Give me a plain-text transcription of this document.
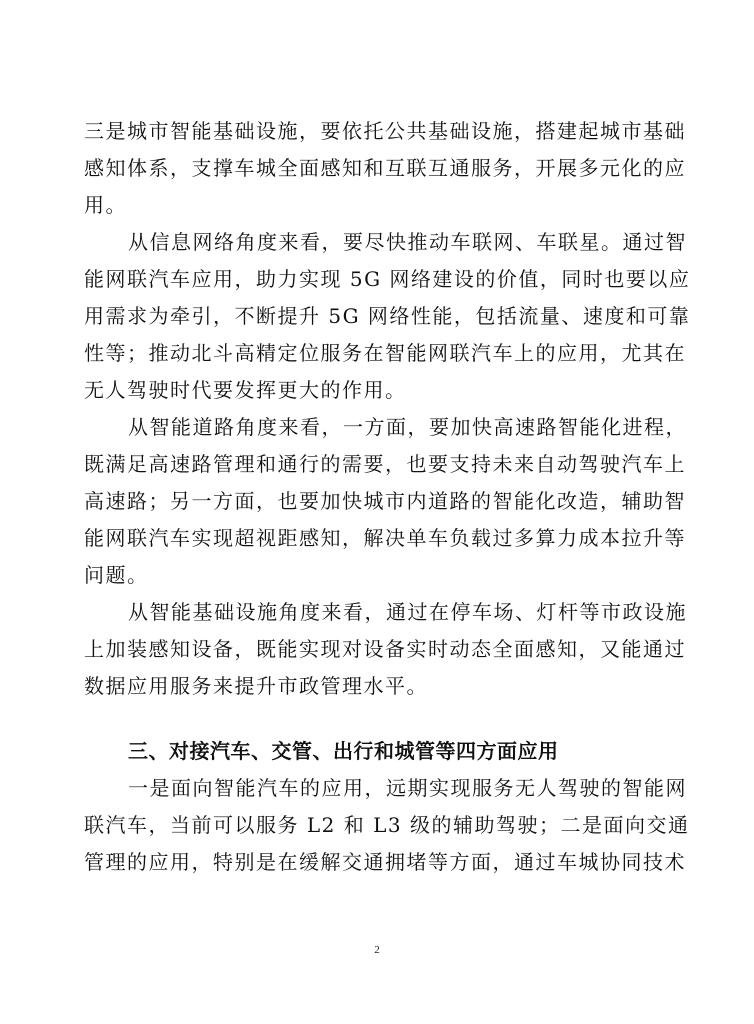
三是城市智能基础设施，要依托公共基础设施，搭建起城市基础
感知体系，支撑车城全面感知和互联互通服务，开展多元化的应
用。
从信息网络角度来看，要尽快推动车联网、车联星。通过智
能网联汽车应用，助力实现 5G 网络建设的价值，同时也要以应
用需求为牵引，不断提升 5G 网络性能，包括流量、速度和可靠
性等；推动北斗高精定位服务在智能网联汽车上的应用，尤其在
无人驾驶时代要发挥更大的作用。
从智能道路角度来看，一方面，要加快高速路智能化进程，
既满足高速路管理和通行的需要，也要支持未来自动驾驶汽车上
高速路；另一方面，也要加快城市内道路的智能化改造，辅助智
能网联汽车实现超视距感知，解决单车负载过多算力成本拉升等
问题。
从智能基础设施角度来看，通过在停车场、灯杆等市政设施
上加装感知设备，既能实现对设备实时动态全面感知，又能通过
数据应用服务来提升市政管理水平。
三、对接汽车、交管、出行和城管等四方面应用
一是面向智能汽车的应用，远期实现服务无人驾驶的智能网
联汽车，当前可以服务 L2 和 L3 级的辅助驾驶；二是面向交通
管理的应用，特别是在缓解交通拥堵等方面，通过车城协同技术
2
